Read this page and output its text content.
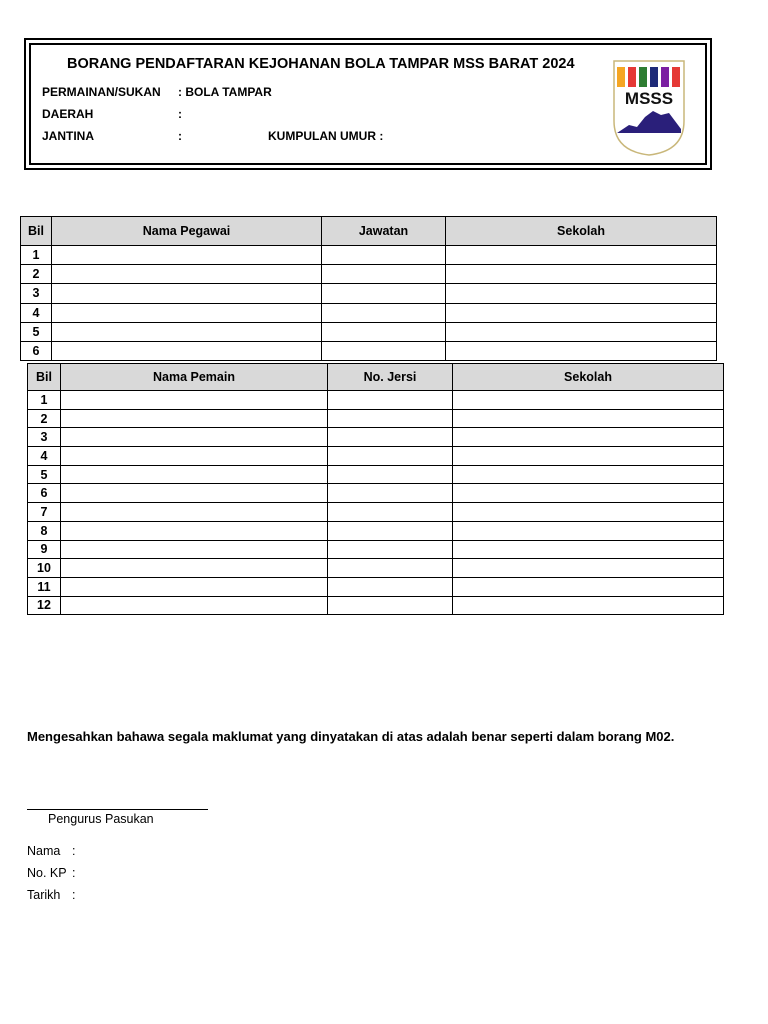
BORANG PENDAFTARAN KEJOHANAN BOLA TAMPAR MSS BARAT 2024
PERMAINAN/SUKAN : BOLA TAMPAR
DAERAH	:
JANTINA	:	KUMPULAN UMUR :
MSSS
Bil	Nama Pegawai	Jawatan	Sekolah
1			
2			
3			
4			
5			
6			
Bil	Nama Pemain	No. Jersi	Sekolah
1			
2			
3			
4			
5			
6			
7			
8			
9			
10			
11			
12			
Mengesahkan bahawa segala maklumat yang dinyatakan di atas adalah benar seperti dalam borang M02.
Pengurus Pasukan
Nama :
No. KP :
Tarikh :
